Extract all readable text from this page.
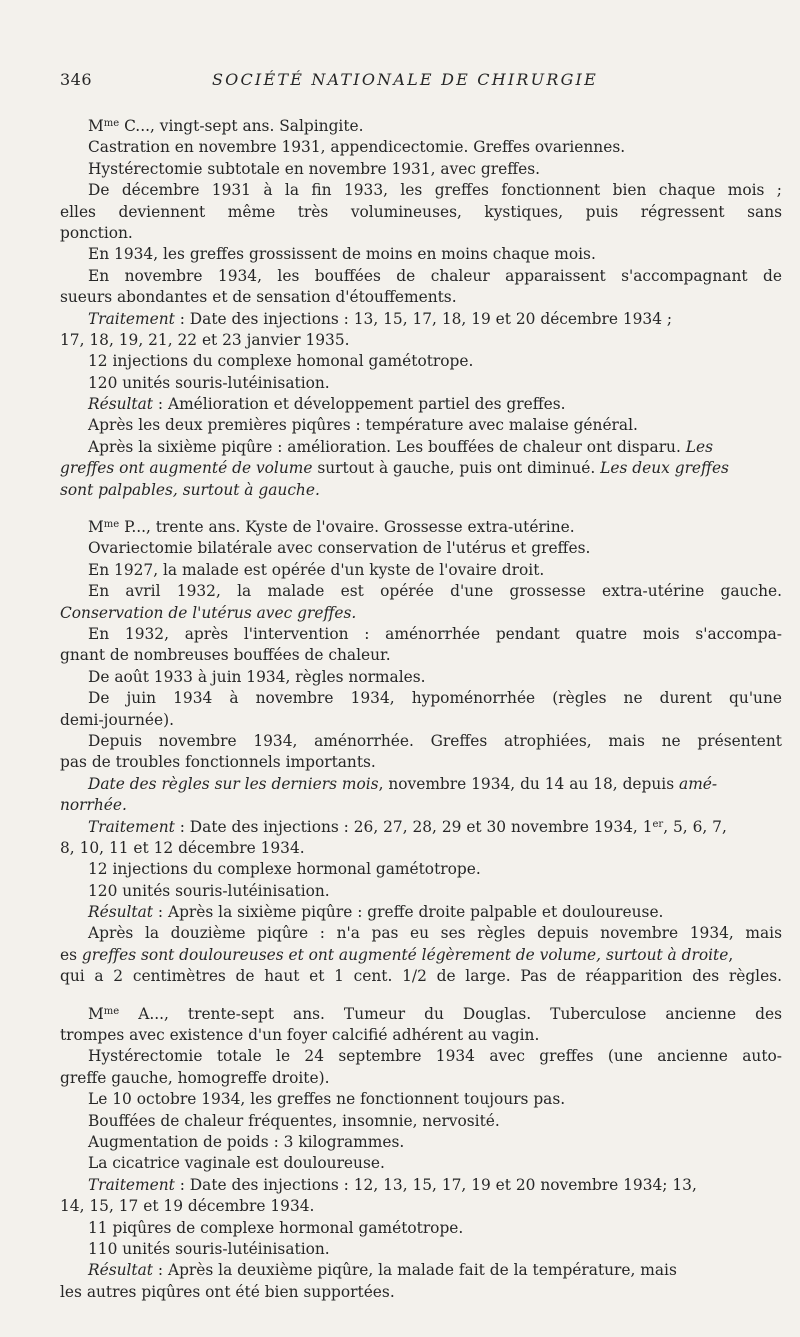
346	SOCIÉTÉ NATIONALE DE CHIRURGIE
$M^{me}$ C..., vingt-sept ans. Salpingite.
Castration en novembre 1931, appendicectomie. Greffes ovariennes.
Hystérectomie subtotale en novembre 1931, avec greffes.
De décembre 1931 à la fin 1933, les greffes fonctionnent bien chaque mois ;
elles deviennent même très volumineuses, kystiques, puis régressent sans
ponction.
En 1934, les greffes grossissent de moins en moins chaque mois.
En novembre 1934, les bouffées de chaleur apparaissent s'accompagnant de
sueurs abondantes et de sensation d'étouffements.
Traitement : Date des injections : 13, 15, 17, 18, 19 et 20 décembre 1934 ;
17, 18, 19, 21, 22 et 23 janvier 1935.
12 injections du complexe homonal gamétotrope.
120 unités souris-lutéinisation.
Résultat : Amélioration et développement partiel des greffes.
Après les deux premières piqûres : température avec malaise général.
Après la sixième piqûre : amélioration. Les bouffées de chaleur ont disparu. Les
greffes ont augmenté de volume surtout à gauche, puis ont diminué. Les deux greffes
sont palpables, surtout à gauche.
$M^{me}$ P..., trente ans. Kyste de l'ovaire. Grossesse extra-utérine.
Ovariectomie bilatérale avec conservation de l'utérus et greffes.
En 1927, la malade est opérée d'un kyste de l'ovaire droit.
En avril 1932, la malade est opérée d'une grossesse extra-utérine gauche.
Conservation de l'utérus avec greffes.
En 1932, après l'intervention : aménorrhée pendant quatre mois s'accompa-
gnant de nombreuses bouffées de chaleur.
De août 1933 à juin 1934, règles normales.
De juin 1934 à novembre 1934, hypoménorrhée (règles ne durent qu'une
demi-journée).
Depuis novembre 1934, aménorrhée. Greffes atrophiées, mais ne présentent
pas de troubles fonctionnels importants.
Date des règles sur les derniers mois, novembre 1934, du 14 au 18, depuis amé-
norrhée.
Traitement : Date des injections : 26, 27, 28, 29 et 30 novembre 1934, 1er, 5, 6, 7,
8, 10, 11 et 12 décembre 1934.
12 injections du complexe hormonal gamétotrope.
120 unités souris-lutéinisation.
Résultat : Après la sixième piqûre : greffe droite palpable et douloureuse.
Après la douzième piqûre : n'a pas eu ses règles depuis novembre 1934, mais
es greffes sont douloureuses et ont augmenté légèrement de volume, surtout à droite,
qui a 2 centimètres de haut et 1 cent. 1/2 de large. Pas de réapparition des règles.
$M^{me}$ A..., trente-sept ans. Tumeur du Douglas. Tuberculose ancienne des
trompes avec existence d'un foyer calcifié adhérent au vagin.
Hystérectomie totale le 24 septembre 1934 avec greffes (une ancienne auto-
greffe gauche, homogreffe droite).
Le 10 octobre 1934, les greffes ne fonctionnent toujours pas.
Bouffées de chaleur fréquentes, insomnie, nervosité.
Augmentation de poids : 3 kilogrammes.
La cicatrice vaginale est douloureuse.
Traitement : Date des injections : 12, 13, 15, 17, 19 et 20 novembre 1934; 13,
14, 15, 17 et 19 décembre 1934.
11 piqûres de complexe hormonal gamétotrope.
110 unités souris-lutéinisation.
Résultat : Après la deuxième piqûre, la malade fait de la température, mais
les autres piqûres ont été bien supportées.
